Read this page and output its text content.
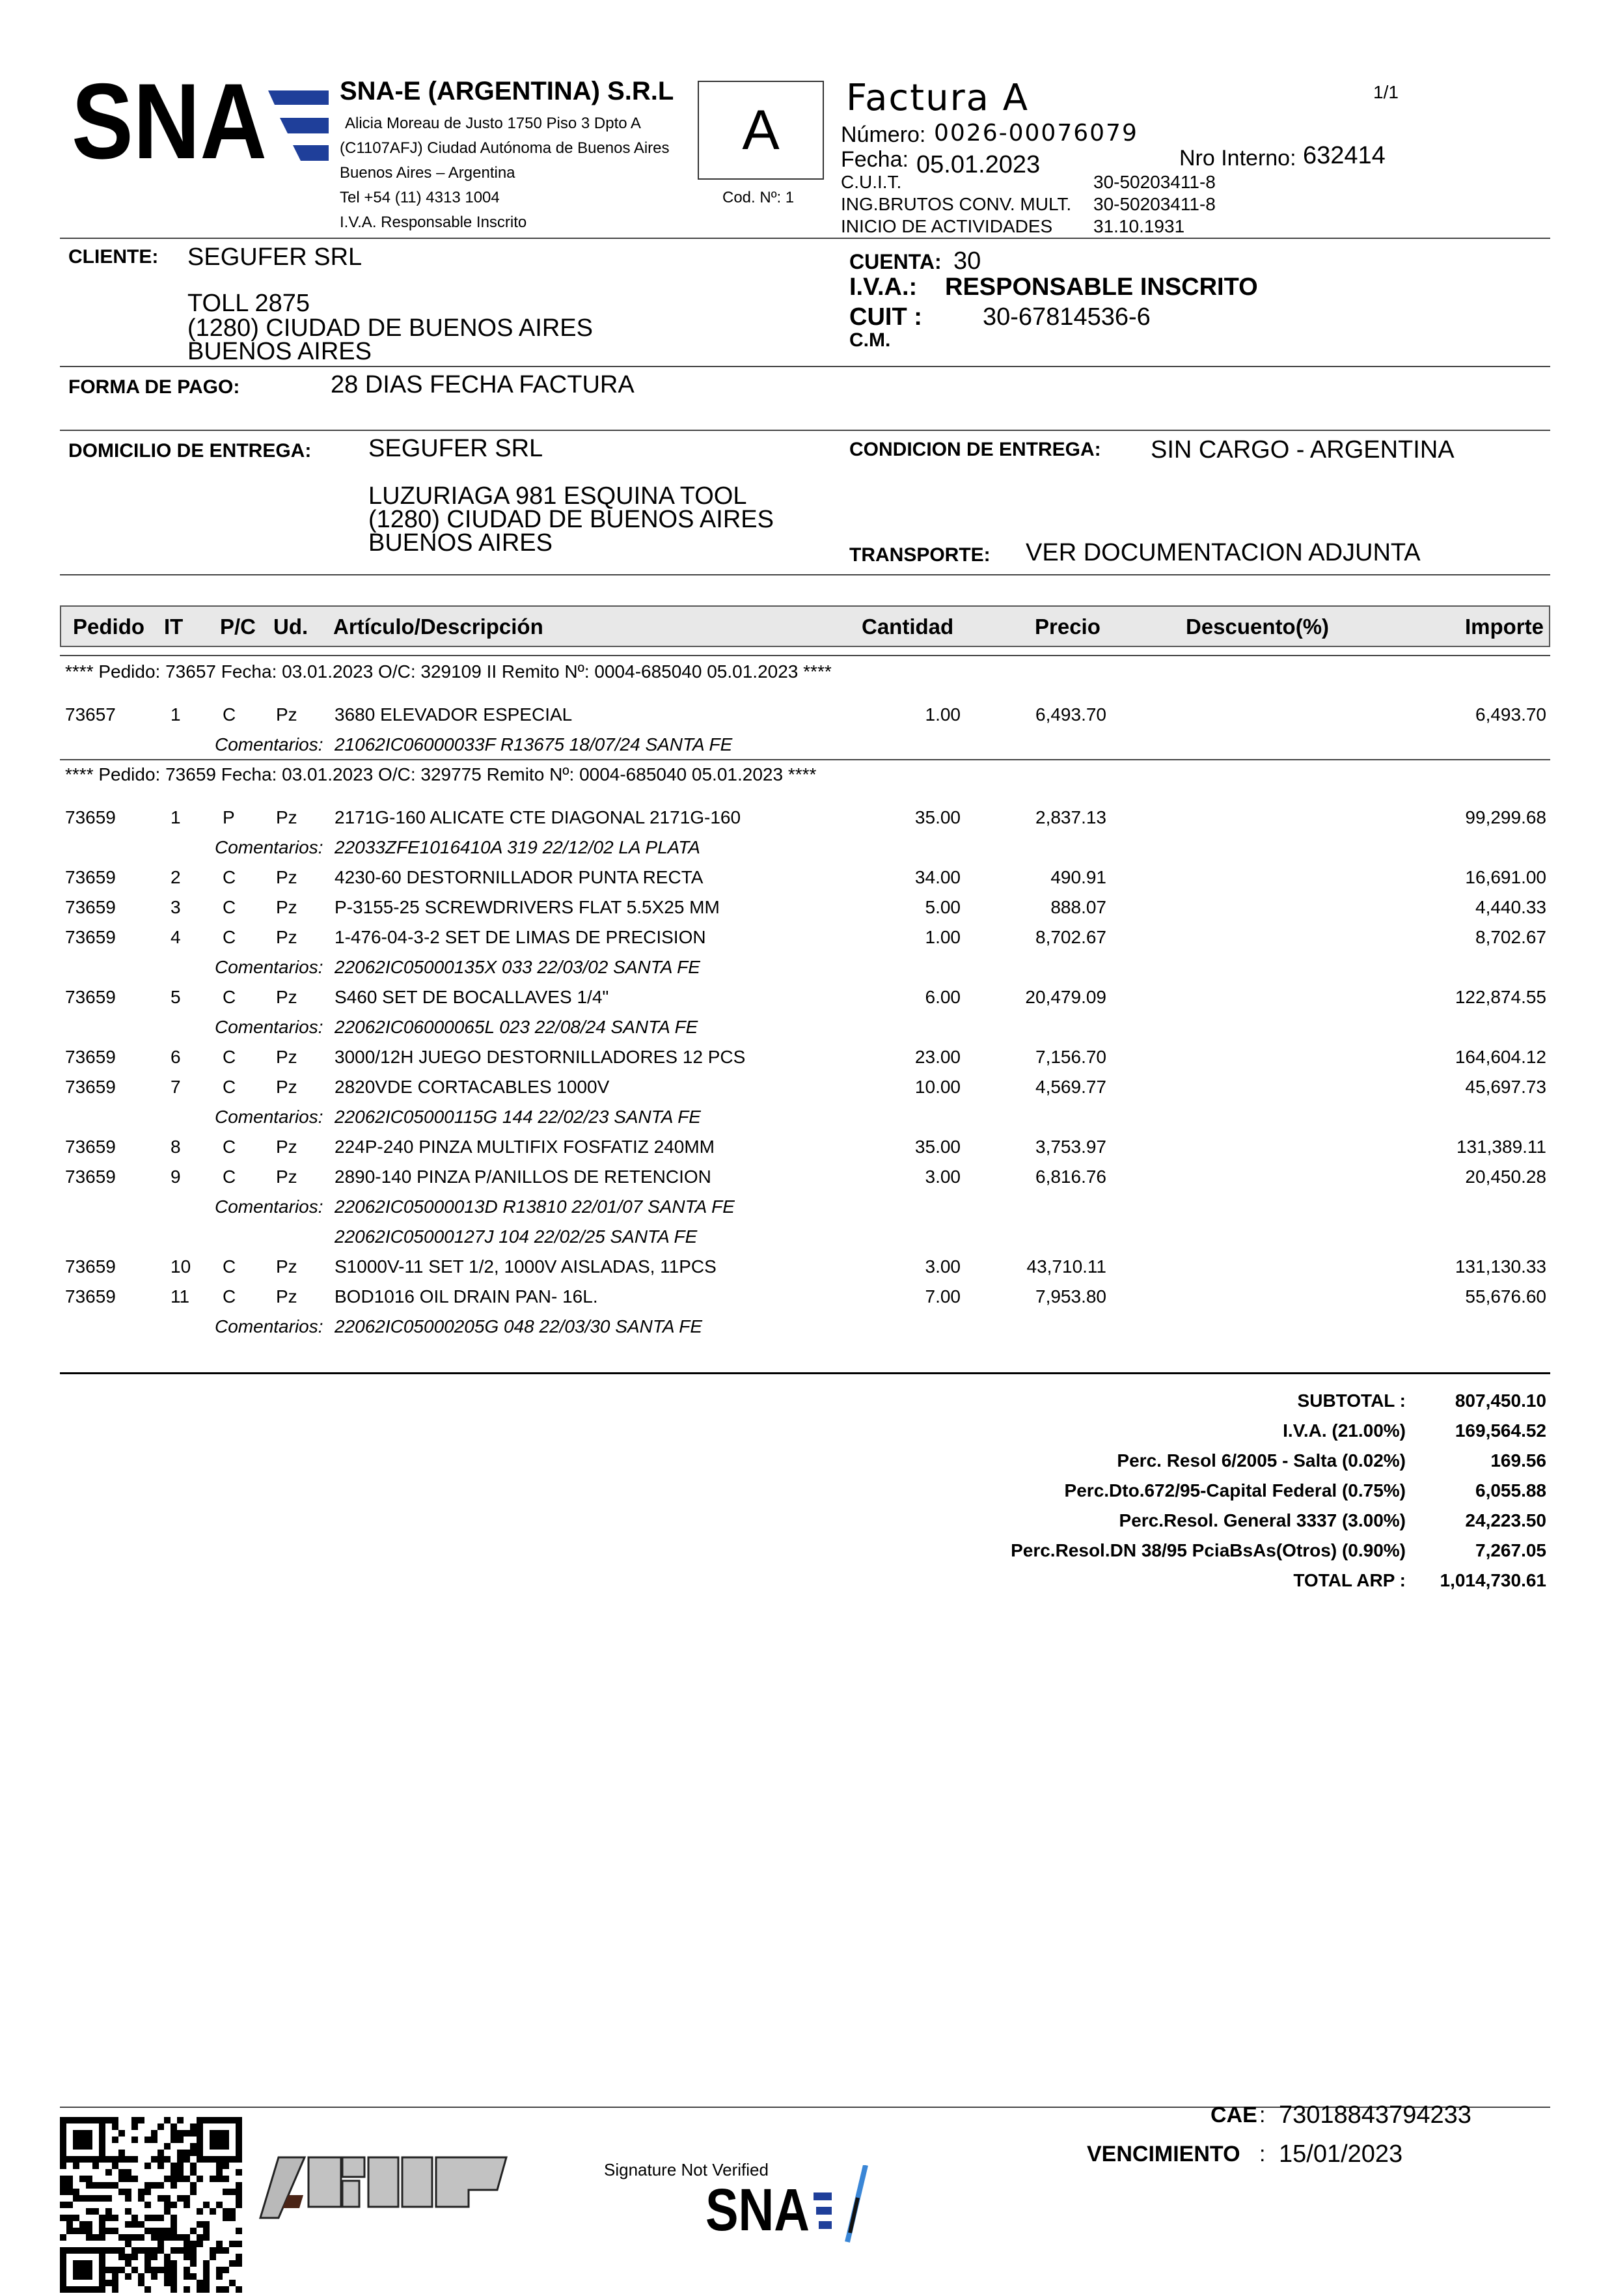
SNA	SNA-E (ARGENTINA) S.R.L
Alicia Moreau de Justo 1750 Piso 3 Dpto A
(C1107AFJ) Ciudad Autónoma de Buenos Aires
Buenos Aires – Argentina
Tel +54 (11) 4313 1004
I.V.A. Responsable Inscrito
A
Cod. Nº: 1
Factura A	1/1
Número: 0026-00076079
Fecha: 05.01.2023	Nro Interno: 632414
C.U.I.T.	30-50203411-8
ING.BRUTOS CONV. MULT. 30-50203411-8
INICIO DE ACTIVIDADES 31.10.1931
CLIENTE: SEGUFER SRL
TOLL 2875
(1280) CIUDAD DE BUENOS AIRES
BUENOS AIRES
CUENTA: 30
I.V.A.: RESPONSABLE INSCRITO
CUIT : 30-67814536-6
C.M.
FORMA DE PAGO:	28 DIAS FECHA FACTURA
DOMICILIO DE ENTREGA: SEGUFER SRL
LUZURIAGA 981 ESQUINA TOOL
(1280) CIUDAD DE BUENOS AIRES
BUENOS AIRES
CONDICION DE ENTREGA: SIN CARGO - ARGENTINA
TRANSPORTE: VER DOCUMENTACION ADJUNTA
Pedido IT P/C Ud. Artículo/Descripción	Cantidad	Precio	Descuento(%)	Importe
**** Pedido: 73657 Fecha: 03.01.2023 O/C: 329109 II Remito Nº: 0004-685040 05.01.2023 ****
73657	1 C Pz 3680 ELEVADOR ESPECIAL	1.00	6,493.70	6,493.70
Comentarios: 21062IC06000033F R13675 18/07/24 SANTA FE
**** Pedido: 73659 Fecha: 03.01.2023 O/C: 329775 Remito Nº: 0004-685040 05.01.2023 ****
73659	1 P Pz 2171G-160 ALICATE CTE DIAGONAL 2171G-160	35.00	2,837.13	99,299.68
Comentarios: 22033ZFE1016410A 319 22/12/02 LA PLATA
73659	2 C Pz 4230-60 DESTORNILLADOR PUNTA RECTA	34.00	490.91	16,691.00
73659	3 C Pz P-3155-25 SCREWDRIVERS FLAT 5.5X25 MM	5.00	888.07	4,440.33
73659	4 C Pz 1-476-04-3-2 SET DE LIMAS DE PRECISION	1.00	8,702.67	8,702.67
Comentarios: 22062IC05000135X 033 22/03/02 SANTA FE
73659	5 C Pz S460 SET DE BOCALLAVES 1/4"	6.00	20,479.09	122,874.55
Comentarios: 22062IC06000065L 023 22/08/24 SANTA FE
73659	6 C Pz 3000/12H JUEGO DESTORNILLADORES 12 PCS	23.00	7,156.70	164,604.12
73659	7 C Pz 2820VDE CORTACABLES 1000V	10.00	4,569.77	45,697.73
Comentarios: 22062IC05000115G 144 22/02/23 SANTA FE
73659	8 C Pz 224P-240 PINZA MULTIFIX FOSFATIZ 240MM	35.00	3,753.97	131,389.11
73659	9 C Pz 2890-140 PINZA P/ANILLOS DE RETENCION	3.00	6,816.76	20,450.28
Comentarios: 22062IC05000013D R13810 22/01/07 SANTA FE
22062IC05000127J 104 22/02/25 SANTA FE
73659	10 C Pz S1000V-11 SET 1/2, 1000V AISLADAS, 11PCS	3.00	43,710.11	131,130.33
73659	11 C Pz BOD1016 OIL DRAIN PAN- 16L.	7.00	7,953.80	55,676.60
Comentarios: 22062IC05000205G 048 22/03/30 SANTA FE
SUBTOTAL :	807,450.10
I.V.A. (21.00%)	169,564.52
Perc. Resol 6/2005 - Salta (0.02%)	169.56
Perc.Dto.672/95-Capital Federal (0.75%)	6,055.88
Perc.Resol. General 3337 (3.00%)	24,223.50
Perc.Resol.DN 38/95 PciaBsAs(Otros) (0.90%)	7,267.05
TOTAL ARP : 1,014,730.61
Signature Not Verified
SNA
CAE : 73018843794233
VENCIMIENTO : 15/01/2023
